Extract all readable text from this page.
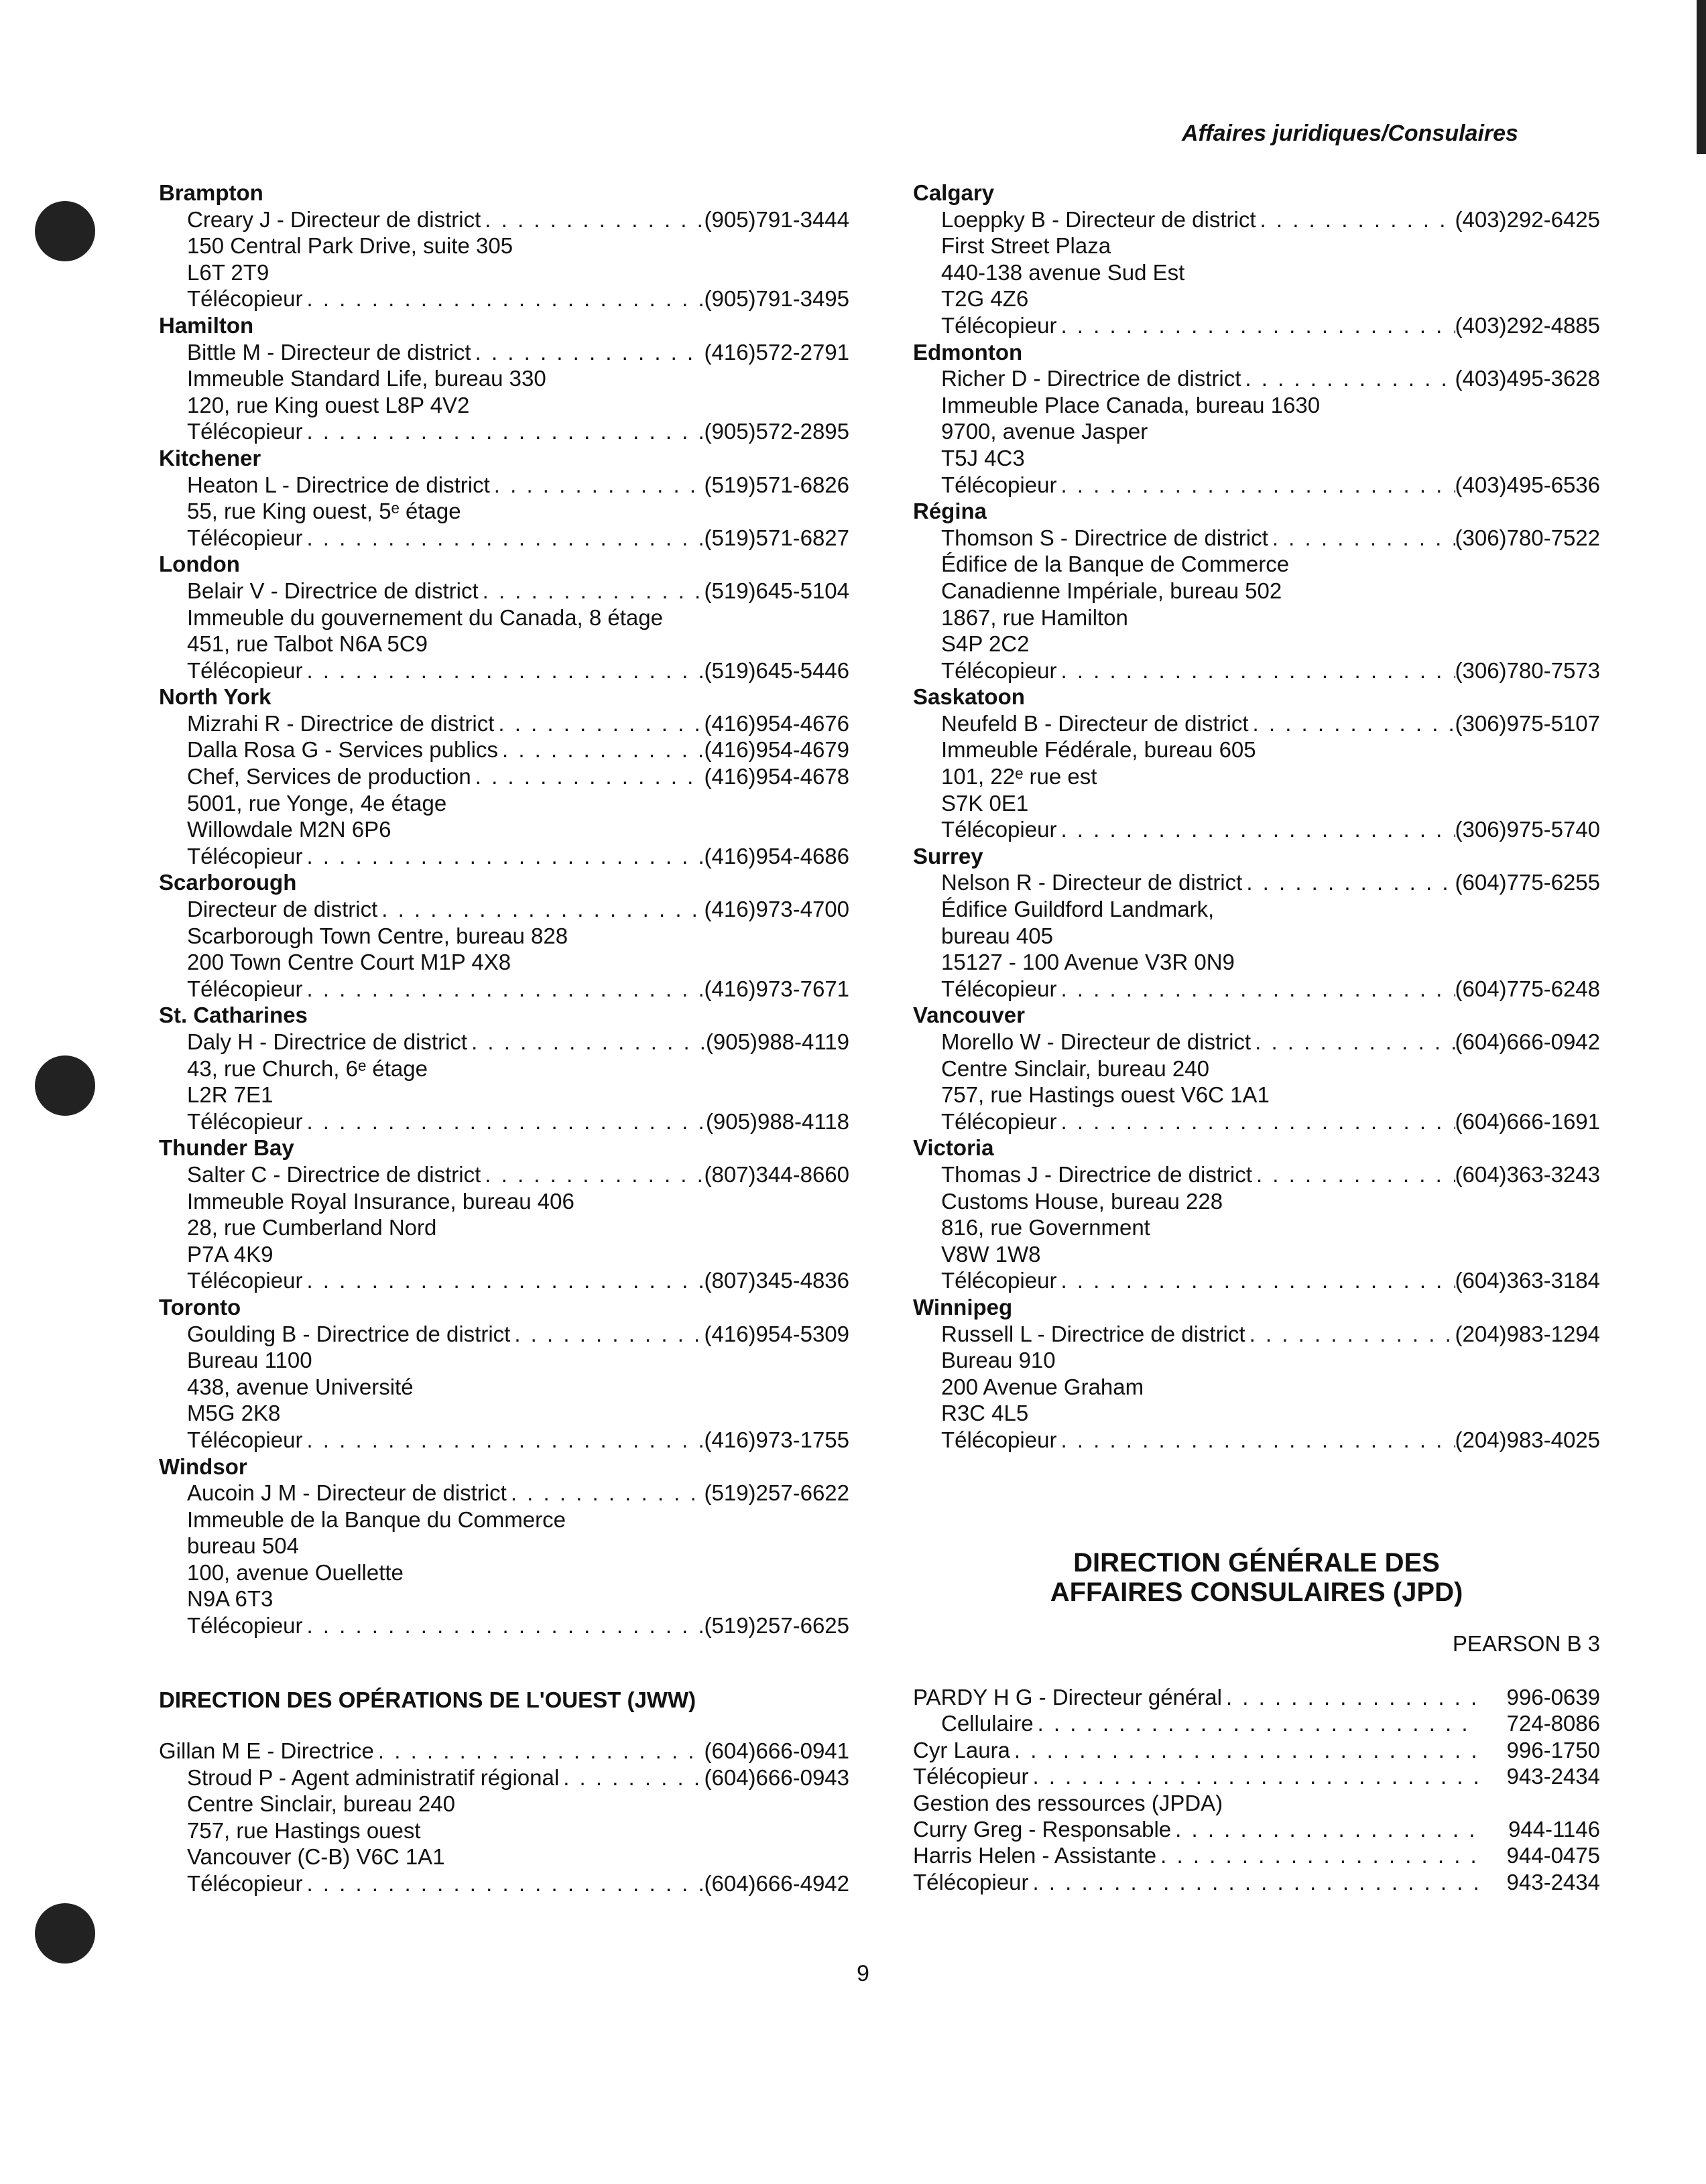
Affaires juridiques/Consulaires
Brampton
Creary J - Directeur de district . . .	(905)791-3444
150 Central Park Drive, suite 305
L6T 2T9
Télécopieur . . .	(905)791-3495
Hamilton
Bittle M - Directeur de district . . .	(416)572-2791
Immeuble Standard Life, bureau 330
120, rue King ouest L8P 4V2
Télécopieur . . .	(905)572-2895
Kitchener
Heaton L - Directrice de district . . .	(519)571-6826
55, rue King ouest, 5ᵉ étage
Télécopieur . . .	(519)571-6827
London
Belair V - Directrice de district . . .	(519)645-5104
Immeuble du gouvernement du Canada, 8 étage
451, rue Talbot N6A 5C9
Télécopieur . . .	(519)645-5446
North York
Mizrahi R - Directrice de district . . .	(416)954-4676
Dalla Rosa G - Services publics . . .	(416)954-4679
Chef, Services de production . . .	(416)954-4678
5001, rue Yonge, 4e étage
Willowdale M2N 6P6
Télécopieur . . .	(416)954-4686
Scarborough
Directeur de district . . .	(416)973-4700
Scarborough Town Centre, bureau 828
200 Town Centre Court M1P 4X8
Télécopieur . . .	(416)973-7671
St. Catharines
Daly H - Directrice de district . . .	(905)988-4119
43, rue Church, 6ᵉ étage
L2R 7E1
Télécopieur . . .	(905)988-4118
Thunder Bay
Salter C - Directrice de district . . .	(807)344-8660
Immeuble Royal Insurance, bureau 406
28, rue Cumberland Nord
P7A 4K9
Télécopieur . . .	(807)345-4836
Toronto
Goulding B - Directrice de district . . .	(416)954-5309
Bureau 1100
438, avenue Université
M5G 2K8
Télécopieur . . .	(416)973-1755
Windsor
Aucoin J M - Directeur de district . . .	(519)257-6622
Immeuble de la Banque du Commerce
bureau 504
100, avenue Ouellette
N9A 6T3
Télécopieur . . .	(519)257-6625
Calgary
Loeppky B - Directeur de district . . .	(403)292-6425
First Street Plaza
440-138 avenue Sud Est
T2G 4Z6
Télécopieur . . .	(403)292-4885
Edmonton
Richer D - Directrice de district . . .	(403)495-3628
Immeuble Place Canada, bureau 1630
9700, avenue Jasper
T5J 4C3
Télécopieur . . .	(403)495-6536
Régina
Thomson S - Directrice de district . . .	(306)780-7522
Édifice de la Banque de Commerce
Canadienne Impériale, bureau 502
1867, rue Hamilton
S4P 2C2
Télécopieur . . .	(306)780-7573
Saskatoon
Neufeld B - Directeur de district . . .	(306)975-5107
Immeuble Fédérale, bureau 605
101, 22ᵉ rue est
S7K 0E1
Télécopieur . . .	(306)975-5740
Surrey
Nelson R - Directeur de district . . .	(604)775-6255
Édifice Guildford Landmark,
bureau 405
15127 - 100 Avenue V3R 0N9
Télécopieur . . .	(604)775-6248
Vancouver
Morello W - Directeur de district . . .	(604)666-0942
Centre Sinclair, bureau 240
757, rue Hastings ouest V6C 1A1
Télécopieur . . .	(604)666-1691
Victoria
Thomas J - Directrice de district . . .	(604)363-3243
Customs House, bureau 228
816, rue Government
V8W 1W8
Télécopieur . . .	(604)363-3184
Winnipeg
Russell L - Directrice de district . . .	(204)983-1294
Bureau 910
200 Avenue Graham
R3C 4L5
Télécopieur . . .	(204)983-4025
DIRECTION DES OPÉRATIONS DE L'OUEST (JWW)
Gillan M E - Directrice . . .	(604)666-0941
Stroud P - Agent administratif régional . . .	(604)666-0943
Centre Sinclair, bureau 240
757, rue Hastings ouest
Vancouver (C-B) V6C 1A1
Télécopieur . . .	(604)666-4942
DIRECTION GÉNÉRALE DES
AFFAIRES CONSULAIRES (JPD)
PEARSON B 3
PARDY H G - Directeur général . . .	996-0639
Cellulaire . . .	724-8086
Cyr Laura . . .	996-1750
Télécopieur . . .	943-2434
Gestion des ressources (JPDA)
Curry Greg - Responsable . . .	944-1146
Harris Helen - Assistante . . .	944-0475
Télécopieur . . .	943-2434
9
